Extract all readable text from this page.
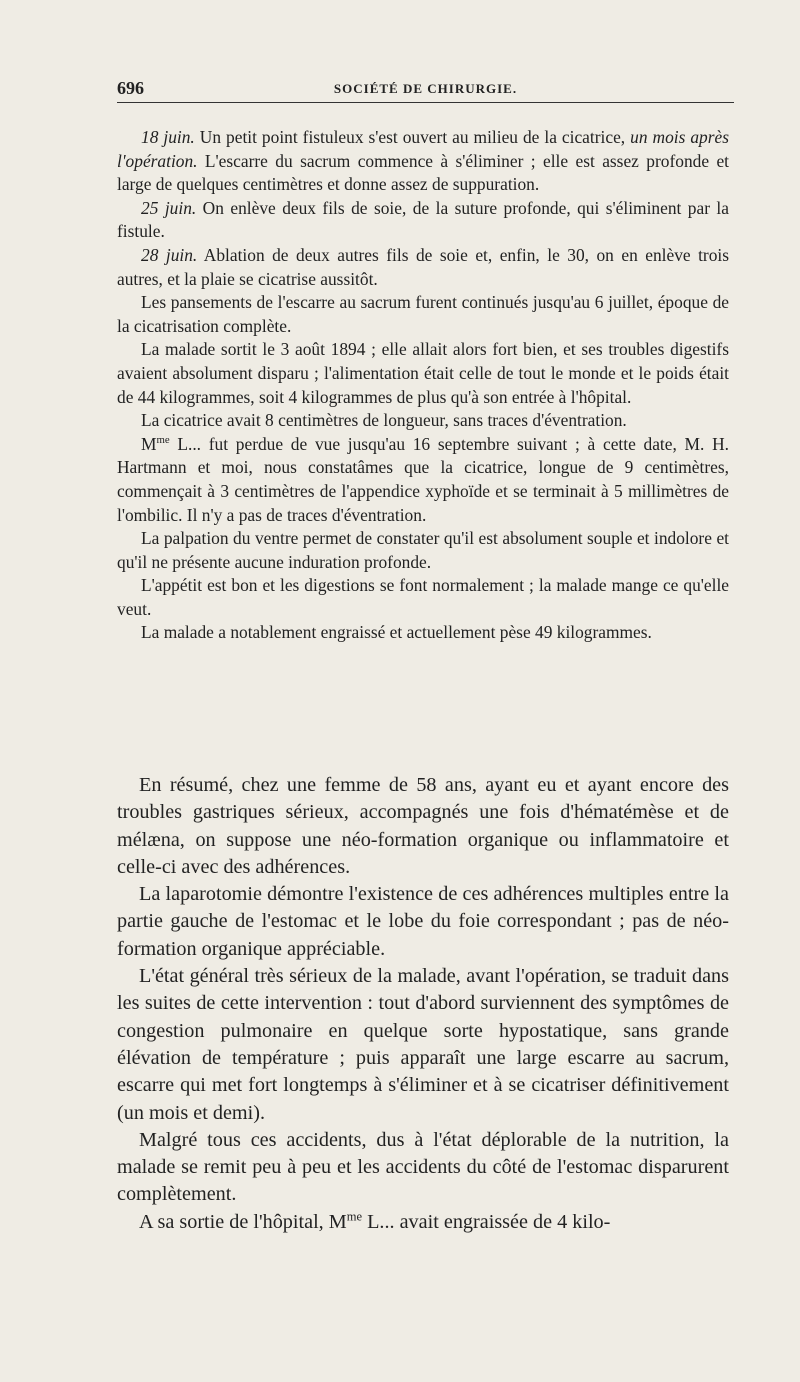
696	SOCIÉTÉ DE CHIRURGIE.

18 juin. Un petit point fistuleux s'est ouvert au milieu de la cicatrice, un mois après l'opération. L'escarre du sacrum commence à s'éliminer ; elle est assez profonde et large de quelques centimètres et donne assez de suppuration.

25 juin. On enlève deux fils de soie, de la suture profonde, qui s'éliminent par la fistule.

28 juin. Ablation de deux autres fils de soie et, enfin, le 30, on en enlève trois autres, et la plaie se cicatrise aussitôt.

Les pansements de l'escarre au sacrum furent continués jusqu'au 6 juillet, époque de la cicatrisation complète.

La malade sortit le 3 août 1894 ; elle allait alors fort bien, et ses troubles digestifs avaient absolument disparu ; l'alimentation était celle de tout le monde et le poids était de 44 kilogrammes, soit 4 kilogrammes de plus qu'à son entrée à l'hôpital.

La cicatrice avait 8 centimètres de longueur, sans traces d'éventration.

$M^{me}$ L... fut perdue de vue jusqu'au 16 septembre suivant ; à cette date, M. H. Hartmann et moi, nous constatâmes que la cicatrice, longue de 9 centimètres, commençait à 3 centimètres de l'appendice xyphoïde et se terminait à 5 millimètres de l'ombilic. Il n'y a pas de traces d'éventration.

La palpation du ventre permet de constater qu'il est absolument souple et indolore et qu'il ne présente aucune induration profonde.

L'appétit est bon et les digestions se font normalement ; la malade mange ce qu'elle veut.

La malade a notablement engraissé et actuellement pèse 49 kilogrammes.

En résumé, chez une femme de 58 ans, ayant eu et ayant encore des troubles gastriques sérieux, accompagnés une fois d'hématémèse et de mélæna, on suppose une néo-formation organique ou inflammatoire et celle-ci avec des adhérences.

La laparotomie démontre l'existence de ces adhérences multiples entre la partie gauche de l'estomac et le lobe du foie correspondant ; pas de néo-formation organique appréciable.

L'état général très sérieux de la malade, avant l'opération, se traduit dans les suites de cette intervention : tout d'abord surviennent des symptômes de congestion pulmonaire en quelque sorte hypostatique, sans grande élévation de température ; puis apparaît une large escarre au sacrum, escarre qui met fort longtemps à s'éliminer et à se cicatriser définitivement (un mois et demi).

Malgré tous ces accidents, dus à l'état déplorable de la nutrition, la malade se remit peu à peu et les accidents du côté de l'estomac disparurent complètement.

A sa sortie de l'hôpital, $M^{me}$ L... avait engraissée de 4 kilo-
